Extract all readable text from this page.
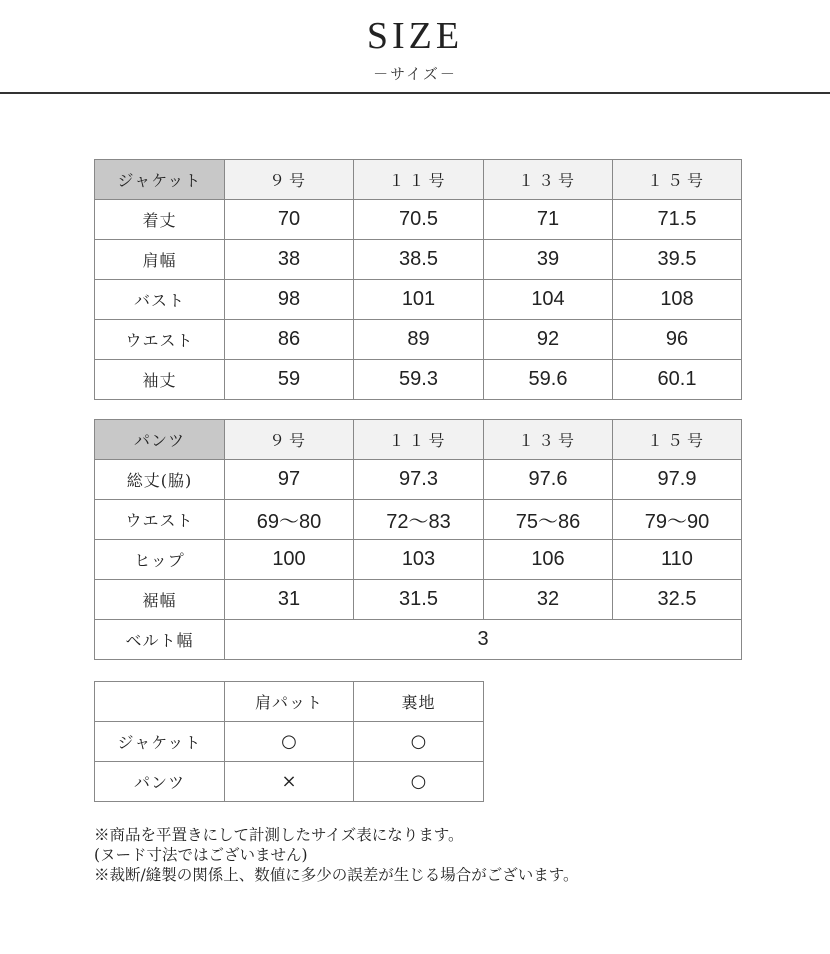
SIZE
－サイズ－
ジャケット	９号	１１号	１３号	１５号
着丈	70	70.5	71	71.5
肩幅	38	38.5	39	39.5
バスト	98	101	104	108
ウエスト	86	89	92	96
袖丈	59	59.3	59.6	60.1
パンツ	９号	１１号	１３号	１５号
総丈(脇)	97	97.3	97.6	97.9
ウエスト	69～80	72～83	75～86	79～90
ヒップ	100	103	106	110
裾幅	31	31.5	32	32.5
ベルト幅	3			
	肩パット	裏地
ジャケット	○	○
パンツ	×	○
※商品を平置きにして計測したサイズ表になります。
(ヌード寸法ではございません)
※裁断/縫製の関係上、数値に多少の誤差が生じる場合がございます。
